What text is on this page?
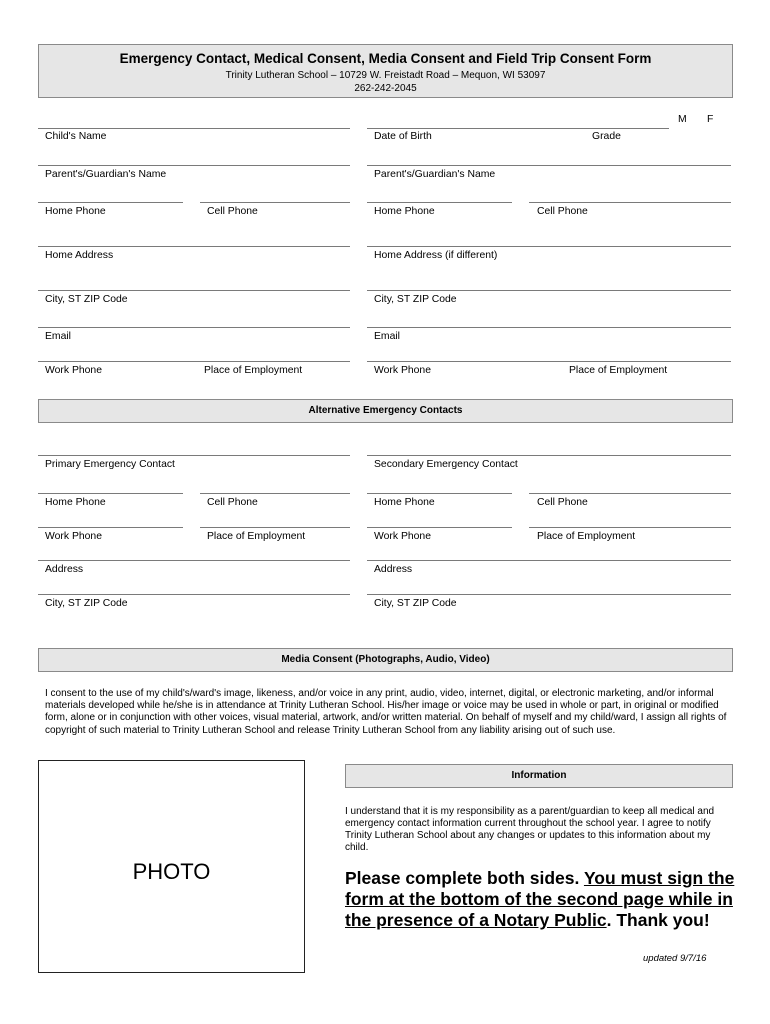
Emergency Contact, Medical Consent, Media Consent and Field Trip Consent Form
Trinity Lutheran School – 10729 W. Freistadt Road – Mequon, WI 53097
262-242-2045
M F
Child's Name	Date of Birth	Grade
Parent's/Guardian's Name	Parent's/Guardian's Name
Home Phone	Cell Phone	Home Phone	Cell Phone
Home Address	Home Address (if different)
City, ST ZIP Code	City, ST ZIP Code
Email	Email
Work Phone	Place of Employment	Work Phone	Place of Employment
Alternative Emergency Contacts
Primary Emergency Contact	Secondary Emergency Contact
Home Phone	Cell Phone	Home Phone	Cell Phone
Work Phone	Place of Employment	Work Phone	Place of Employment
Address	Address
City, ST ZIP Code	City, ST ZIP Code
Media Consent (Photographs, Audio, Video)
I consent to the use of my child's/ward's image, likeness, and/or voice in any print, audio, video, internet, digital, or electronic marketing, and/or informal materials developed while he/she is in attendance at Trinity Lutheran School. His/her image or voice may be used in whole or part, in original or modified form, alone or in conjunction with other voices, visual material, artwork, and/or written material. On behalf of myself and my child/ward, I assign all rights of copyright of such material to Trinity Lutheran School and release Trinity Lutheran School from any liability arising out of such use.
PHOTO
Information
I understand that it is my responsibility as a parent/guardian to keep all medical and emergency contact information current throughout the school year. I agree to notify Trinity Lutheran School about any changes or updates to this information about my child.
Please complete both sides. You must sign the form at the bottom of the second page while in the presence of a Notary Public. Thank you!
updated 9/7/16
